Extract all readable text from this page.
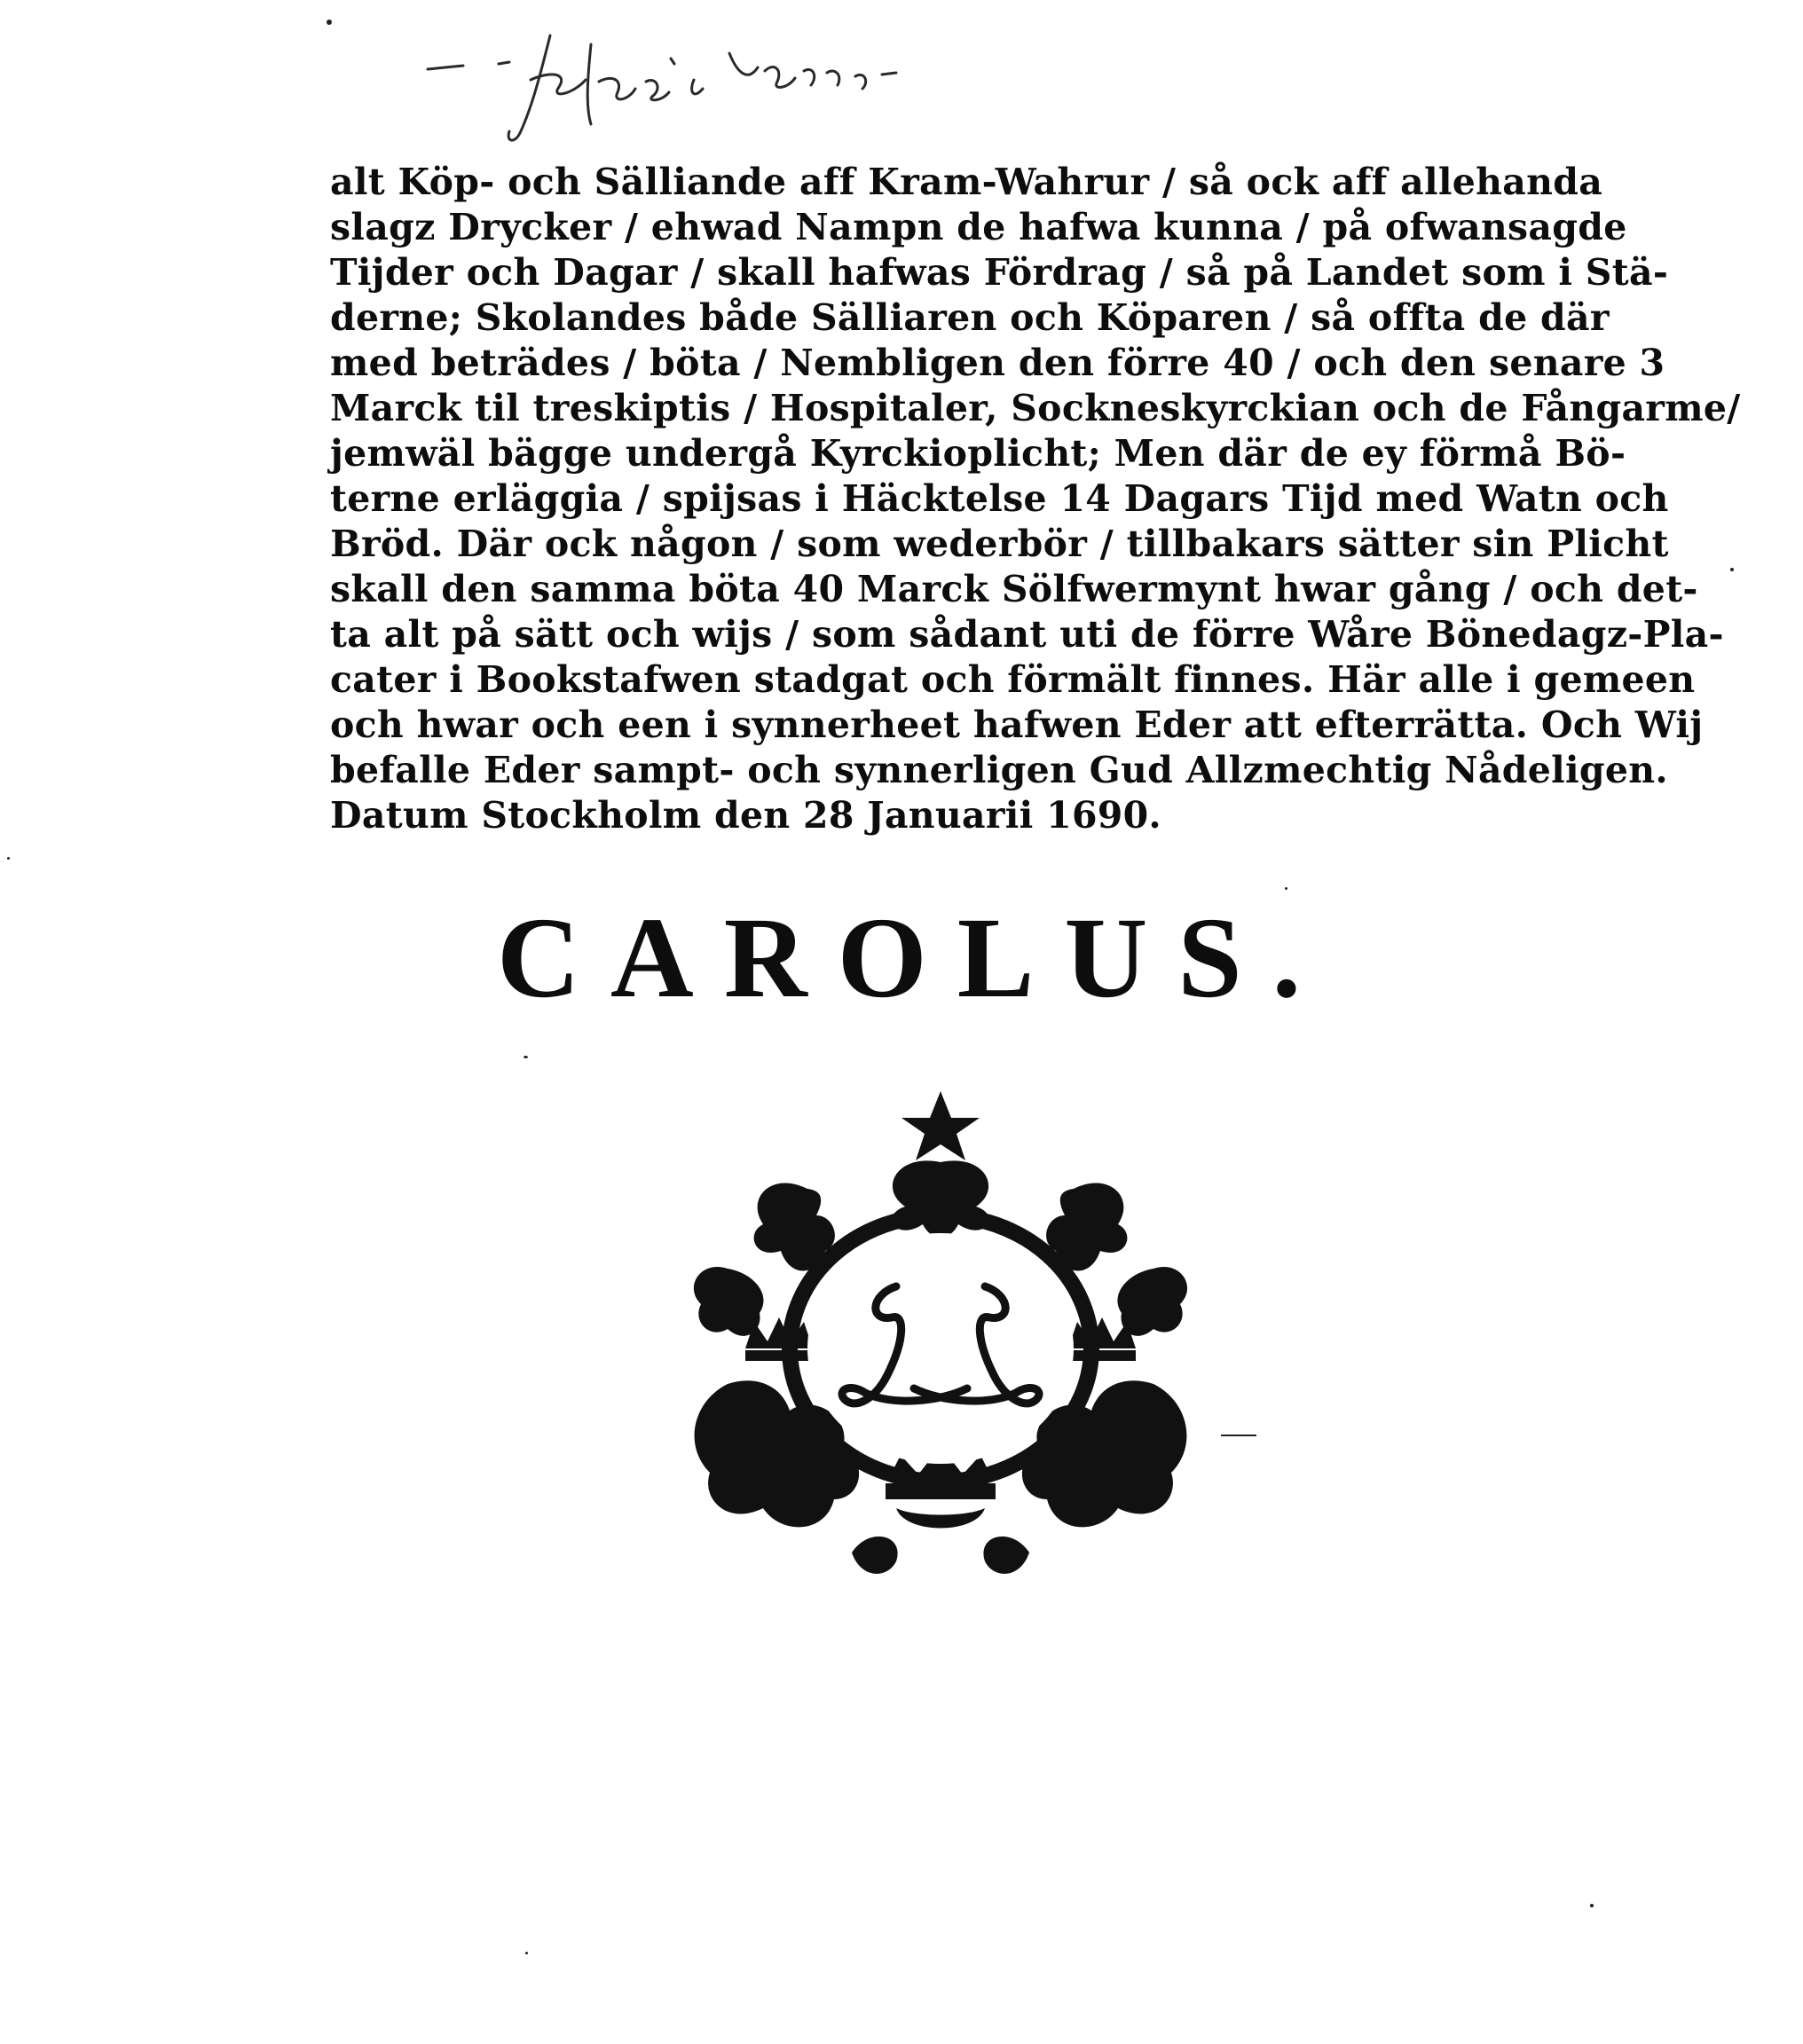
alt Köp- och Sälliande aff Kram-Wahrur / så ock aff allehanda
slagz Drycker / ehwad Nampn de hafwa kunna / på ofwansagde
Tijder och Dagar / skall hafwas Fördrag / så på Landet som i Stä-
derne; Skolandes både Sälliaren och Köparen / så offta de där
med beträdes / böta / Nembligen den förre 40 / och den senare 3
Marck til treskiptis / Hospitaler, Sockneskyrckian och de Fångarme/
jemwäl bägge undergå Kyrckioplicht; Men där de ey förmå Bö-
terne erläggia / spijsas i Häcktelse 14 Dagars Tijd med Watn och
Bröd. Där ock någon / som wederbör / tillbakars sätter sin Plicht
skall den samma böta 40 Marck Sölfwermynt hwar gång / och det-
ta alt på sätt och wijs / som sådant uti de förre Wåre Bönedagz-Pla-
cater i Bookstafwen stadgat och förmält finnes. Här alle i gemeen
och hwar och een i synnerheet hafwen Eder att efterrätta. Och Wij
befalle Eder sampt- och synnerligen Gud Allzmechtig Nådeligen.
Datum Stockholm den 28 Januarii 1690.
CAROLUS.
